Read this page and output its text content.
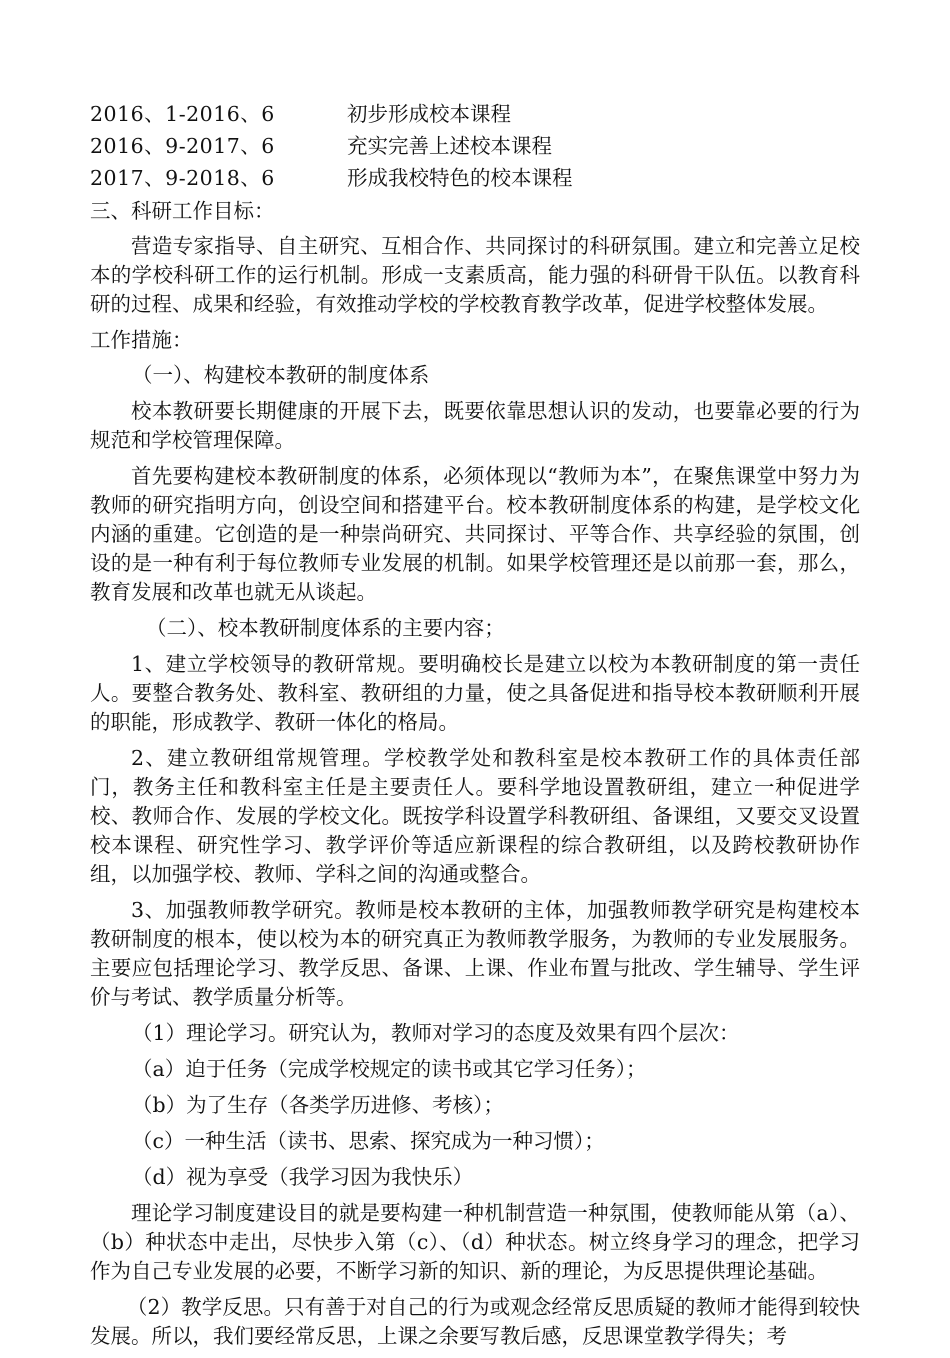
2016、1-2016、6	初步形成校本课程
2016、9-2017、6	充实完善上述校本课程
2017、9-2018、6	形成我校特色的校本课程
三、科研工作目标：

营造专家指导、自主研究、互相合作、共同探讨的科研氛围。建立和完善立足校本的学校科研工作的运行机制。形成一支素质高，能力强的科研骨干队伍。以教育科研的过程、成果和经验，有效推动学校的学校教育教学改革，促进学校整体发展。

工作措施：
（一）、构建校本教研的制度体系

校本教研要长期健康的开展下去，既要依靠思想认识的发动，也要靠必要的行为规范和学校管理保障。

首先要构建校本教研制度的体系，必须体现以“教师为本”，在聚焦课堂中努力为教师的研究指明方向，创设空间和搭建平台。校本教研制度体系的构建，是学校文化内涵的重建。它创造的是一种崇尚研究、共同探讨、平等合作、共享经验的氛围，创设的是一种有利于每位教师专业发展的机制。如果学校管理还是以前那一套，那么，教育发展和改革也就无从谈起。

（二）、校本教研制度体系的主要内容；

1、建立学校领导的教研常规。要明确校长是建立以校为本教研制度的第一责任人。要整合教务处、教科室、教研组的力量，使之具备促进和指导校本教研顺利开展的职能，形成教学、教研一体化的格局。

2、建立教研组常规管理。学校教学处和教科室是校本教研工作的具体责任部门，教务主任和教科室主任是主要责任人。要科学地设置教研组，建立一种促进学校、教师合作、发展的学校文化。既按学科设置学科教研组、备课组，又要交叉设置校本课程、研究性学习、教学评价等适应新课程的综合教研组，以及跨校教研协作组，以加强学校、教师、学科之间的沟通或整合。

3、加强教师教学研究。教师是校本教研的主体，加强教师教学研究是构建校本教研制度的根本，使以校为本的研究真正为教师教学服务，为教师的专业发展服务。主要应包括理论学习、教学反思、备课、上课、作业布置与批改、学生辅导、学生评价与考试、教学质量分析等。

（1）理论学习。研究认为，教师对学习的态度及效果有四个层次：
（a）迫于任务（完成学校规定的读书或其它学习任务）；
（b）为了生存（各类学历进修、考核）；
（c）一种生活（读书、思索、探究成为一种习惯）；
（d）视为享受（我学习因为我快乐）

理论学习制度建设目的就是要构建一种机制营造一种氛围，使教师能从第（a）、（b）种状态中走出，尽快步入第（c）、（d）种状态。树立终身学习的理念，把学习作为自己专业发展的必要，不断学习新的知识、新的理论，为反思提供理论基础。

（2）教学反思。只有善于对自己的行为或观念经常反思质疑的教师才能得到较快发展。所以，我们要经常反思，上课之余要写教后感，反思课堂教学得失；考
